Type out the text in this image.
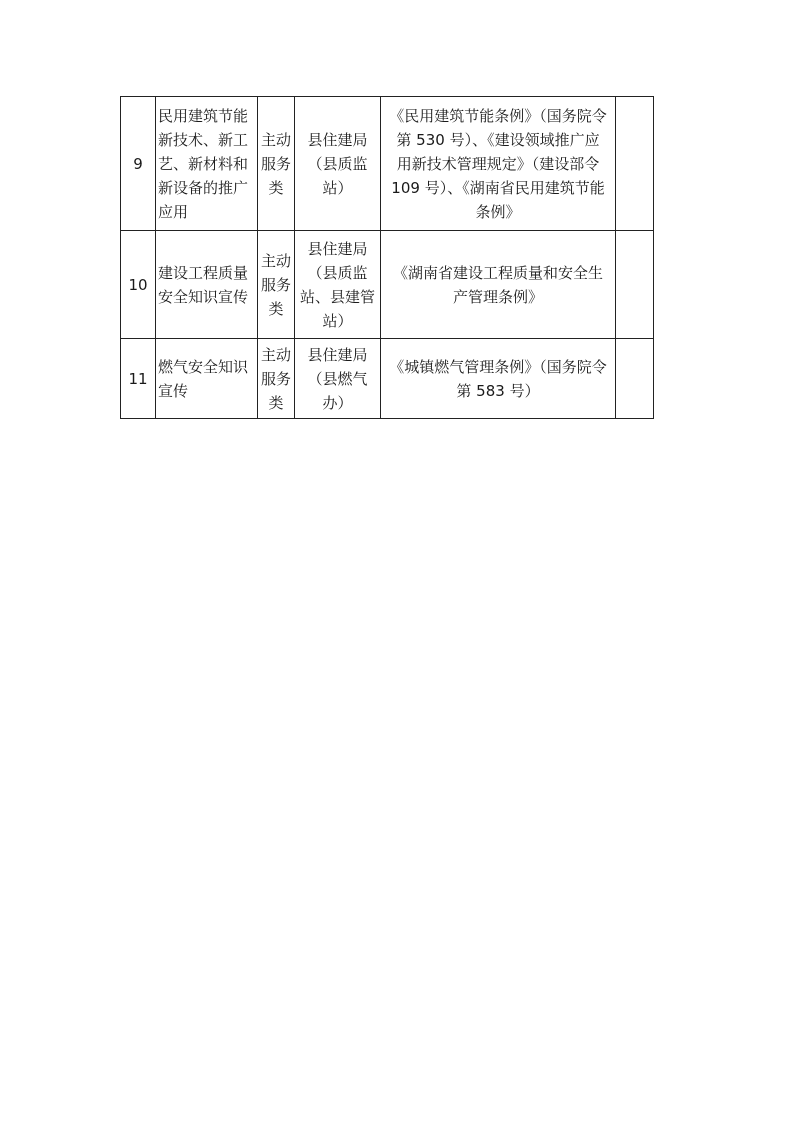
9	民用建筑节能
新技术、新工
艺、新材料和
新设备的推广
应用	主动
服务
类	县住建局
（县质监
站）	《民用建筑节能条例》（国务院令
第 530 号）、《建设领域推广应
用新技术管理规定》（建设部令
109 号）、《湖南省民用建筑节能
条例》	
10	建设工程质量
安全知识宣传	主动
服务
类	县住建局
（县质监
站、县建管
站）	《湖南省建设工程质量和安全生
产管理条例》	
11	燃气安全知识
宣传	主动
服务
类	县住建局
（县燃气
办）	《城镇燃气管理条例》（国务院令
第 583 号）	
